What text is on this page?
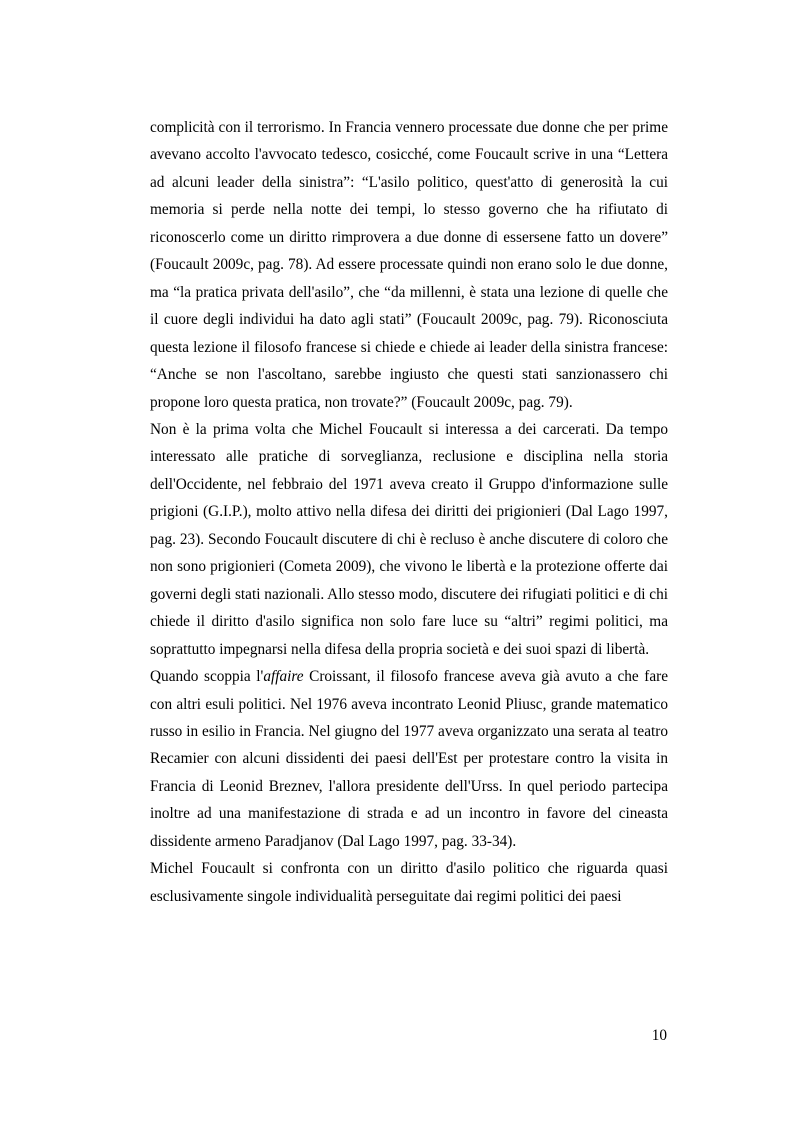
complicità con il terrorismo. In Francia vennero processate due donne che per prime avevano accolto l'avvocato tedesco, cosicché, come Foucault scrive in una “Lettera ad alcuni leader della sinistra”: “L'asilo politico, quest'atto di generosità la cui memoria si perde nella notte dei tempi, lo stesso governo che ha rifiutato di riconoscerlo come un diritto rimprovera a due donne di essersene fatto un dovere” (Foucault 2009c, pag. 78). Ad essere processate quindi non erano solo le due donne, ma “la pratica privata dell'asilo”, che “da millenni, è stata una lezione di quelle che il cuore degli individui ha dato agli stati” (Foucault 2009c, pag. 79). Riconosciuta questa lezione il filosofo francese si chiede e chiede ai leader della sinistra francese: “Anche se non l'ascoltano, sarebbe ingiusto che questi stati sanzionassero chi propone loro questa pratica, non trovate?” (Foucault 2009c, pag. 79).

Non è la prima volta che Michel Foucault si interessa a dei carcerati. Da tempo interessato alle pratiche di sorveglianza, reclusione e disciplina nella storia dell'Occidente, nel febbraio del 1971 aveva creato il Gruppo d'informazione sulle prigioni (G.I.P.), molto attivo nella difesa dei diritti dei prigionieri (Dal Lago 1997, pag. 23). Secondo Foucault discutere di chi è recluso è anche discutere di coloro che non sono prigionieri (Cometa 2009), che vivono le libertà e la protezione offerte dai governi degli stati nazionali. Allo stesso modo, discutere dei rifugiati politici e di chi chiede il diritto d'asilo significa non solo fare luce su “altri” regimi politici, ma soprattutto impegnarsi nella difesa della propria società e dei suoi spazi di libertà.

Quando scoppia l'affaire Croissant, il filosofo francese aveva già avuto a che fare con altri esuli politici. Nel 1976 aveva incontrato Leonid Pliusc, grande matematico russo in esilio in Francia. Nel giugno del 1977 aveva organizzato una serata al teatro Recamier con alcuni dissidenti dei paesi dell'Est per protestare contro la visita in Francia di Leonid Breznev, l'allora presidente dell'Urss. In quel periodo partecipa inoltre ad una manifestazione di strada e ad un incontro in favore del cineasta dissidente armeno Paradjanov (Dal Lago 1997, pag. 33-34).

Michel Foucault si confronta con un diritto d'asilo politico che riguarda quasi esclusivamente singole individualità perseguitate dai regimi politici dei paesi

10
